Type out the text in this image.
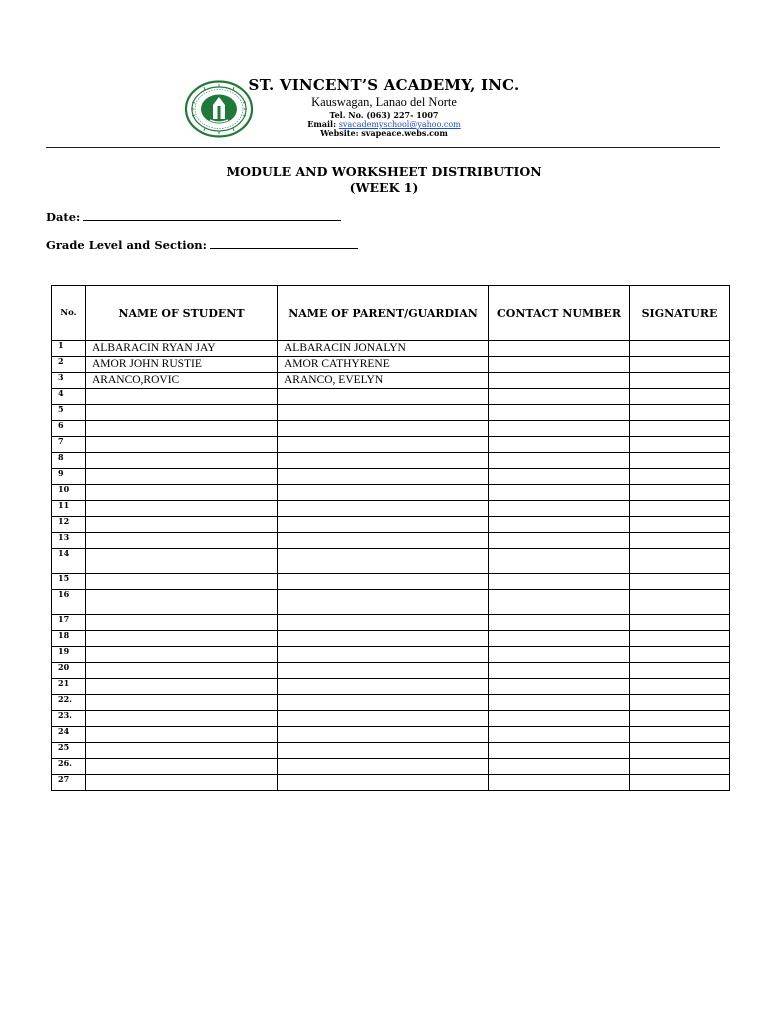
ST. VINCENT’S ACADEMY, INC.
Kauswagan, Lanao del Norte
Tel. No. (063) 227- 1007
Email: svacademyschool@yahoo.com
Website: svapeace.webs.com
MODULE AND WORKSHEET DISTRIBUTION
(WEEK 1)
Date:
Grade Level and Section:
No.	NAME OF STUDENT	NAME OF PARENT/GUARDIAN	CONTACT NUMBER	SIGNATURE
1	ALBARACIN RYAN JAY	ALBARACIN JONALYN		
2	AMOR JOHN RUSTIE	AMOR CATHYRENE		
3	ARANCO,ROVIC	ARANCO, EVELYN		
4				
5				
6				
7				
8				
9				
10				
11				
12				
13				
14				
15				
16				
17				
18				
19				
20				
21				
22.				
23.				
24				
25				
26.				
27				
